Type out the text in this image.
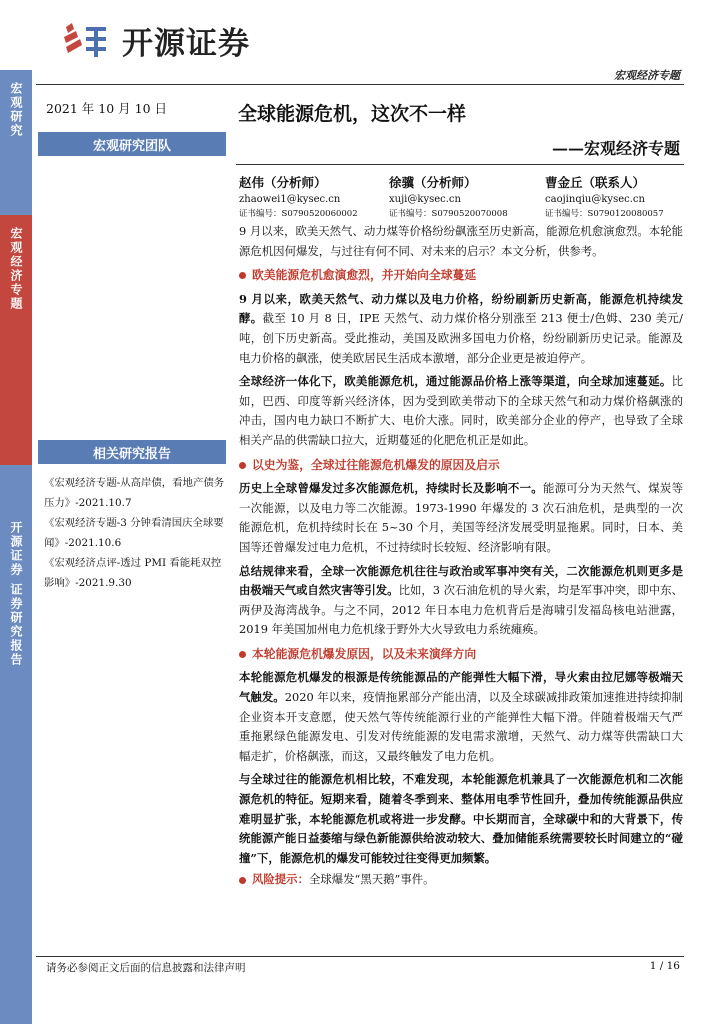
宏观研究
宏观经济专题
开源证券 证券研究报告
开源证券
宏观经济专题
2021 年 10 月 10 日
宏观研究团队
全球能源危机，这次不一样
——宏观经济专题
赵伟（分析师）
zhaowei1@kysec.cn
证书编号：S0790520060002
徐骥（分析师）
xuji@kysec.cn
证书编号：S0790520070008
曹金丘（联系人）
caojinqiu@kysec.cn
证书编号：S0790120080057

9 月以来，欧美天然气、动力煤等价格纷纷飙涨至历史新高，能源危机愈演愈烈。本轮能源危机因何爆发，与过往有何不同、对未来的启示？本文分析，供参考。

欧美能源危机愈演愈烈，并开始向全球蔓延

9 月以来，欧美天然气、动力煤以及电力价格，纷纷刷新历史新高，能源危机持续发酵。截至 10 月 8 日，IPE 天然气、动力煤价格分别涨至 213 便士/色姆、230 美元/吨，创下历史新高。受此推动，美国及欧洲多国电力价格，纷纷刷新历史记录。能源及电力价格的飙涨，使美欧居民生活成本激增，部分企业更是被迫停产。

全球经济一体化下，欧美能源危机，通过能源品价格上涨等渠道，向全球加速蔓延。比如，巴西、印度等新兴经济体，因为受到欧美带动下的全球天然气和动力煤价格飙涨的冲击，国内电力缺口不断扩大、电价大涨。同时，欧美部分企业的停产，也导致了全球相关产品的供需缺口拉大，近期蔓延的化肥危机正是如此。

以史为鉴，全球过往能源危机爆发的原因及启示

历史上全球曾爆发过多次能源危机，持续时长及影响不一。能源可分为天然气、煤炭等一次能源，以及电力等二次能源。1973-1990 年爆发的 3 次石油危机，是典型的一次能源危机，危机持续时长在 5~30 个月，美国等经济发展受明显拖累。同时，日本、美国等还曾爆发过电力危机，不过持续时长较短、经济影响有限。

总结规律来看，全球一次能源危机往往与政治或军事冲突有关，二次能源危机则更多是由极端天气或自然灾害等引发。比如，3 次石油危机的导火索，均是军事冲突，即中东、两伊及海湾战争。与之不同，2012 年日本电力危机背后是海啸引发福岛核电站泄露，2019 年美国加州电力危机缘于野外大火导致电力系统瘫痪。

本轮能源危机爆发原因，以及未来演绎方向

本轮能源危机爆发的根源是传统能源品的产能弹性大幅下滑，导火索由拉尼娜等极端天气触发。2020 年以来，疫情拖累部分产能出清，以及全球碳减排政策加速推进持续抑制企业资本开支意愿，使天然气等传统能源行业的产能弹性大幅下滑。伴随着极端天气严重拖累绿色能源发电、引发对传统能源的发电需求激增，天然气、动力煤等供需缺口大幅走扩，价格飙涨，而这，又最终触发了电力危机。

与全球过往的能源危机相比较，不难发现，本轮能源危机兼具了一次能源危机和二次能源危机的特征。短期来看，随着冬季到来、整体用电季节性回升，叠加传统能源品供应难明显扩张，本轮能源危机或将进一步发酵。中长期而言，全球碳中和的大背景下，传统能源产能日益萎缩与绿色新能源供给波动较大、叠加储能系统需要较长时间建立的“碰撞”下，能源危机的爆发可能较过往变得更加频繁。

风险提示： 全球爆发“黑天鹅”事件。
相关研究报告
《宏观经济专题-从高岸债，看地产债务压力》-2021.10.7
《宏观经济专题-3 分钟看清国庆全球要闻》-2021.10.6
《宏观经济点评-透过 PMI 看能耗双控影响》-2021.9.30
请务必参阅正文后面的信息披露和法律声明	1 / 16
